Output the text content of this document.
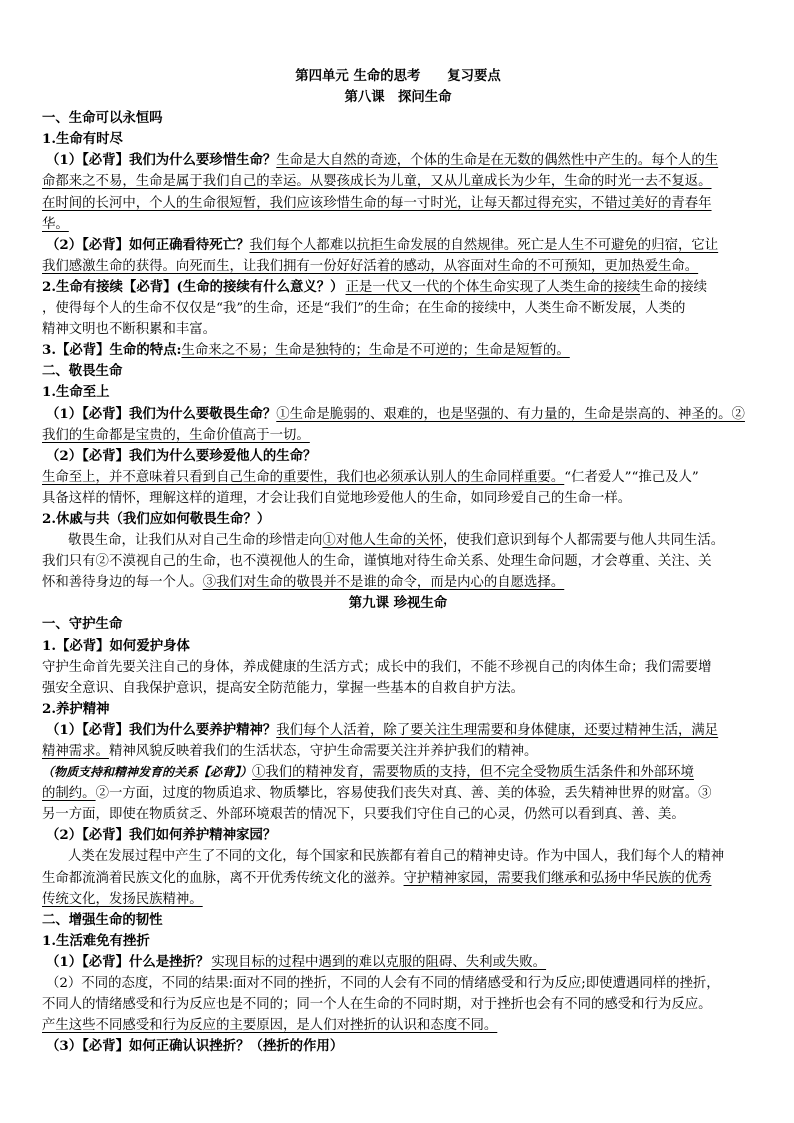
第四单元 生命的思考　　复习要点
第八课　探问生命
一、生命可以永恒吗
1.生命有时尽
（1）【必背】我们为什么要珍惜生命？生命是大自然的奇迹，个体的生命是在无数的偶然性中产生的。每个人的生
命都来之不易，生命是属于我们自己的幸运。从婴孩成长为儿童，又从儿童成长为少年，生命的时光一去不复返。
在时间的长河中，个人的生命很短暂，我们应该珍惜生命的每一寸时光，让每天都过得充实，不错过美好的青春年
华。
（2）【必背】如何正确看待死亡？我们每个人都难以抗拒生命发展的自然规律。死亡是人生不可避免的归宿，它让
我们感激生命的获得。向死而生，让我们拥有一份好好活着的感动，从容面对生命的不可预知，更加热爱生命。
2.生命有接续【必背】(生命的接续有什么意义？） 正是一代又一代的个体生命实现了人类生命的接续生命的接续
，使得每个人的生命不仅仅是“我”的生命，还是“我们”的生命；在生命的接续中，人类生命不断发展，人类的
精神文明也不断积累和丰富。
3.【必背】生命的特点:生命来之不易；生命是独特的；生命是不可逆的；生命是短暂的。
二、敬畏生命
1.生命至上
（1）【必背】我们为什么要敬畏生命？①生命是脆弱的、艰难的，也是坚强的、有力量的，生命是崇高的、神圣的。②
我们的生命都是宝贵的，生命价值高于一切。
（2）【必背】我们为什么要珍爱他人的生命？
生命至上，并不意味着只看到自己生命的重要性，我们也必须承认别人的生命同样重要。“仁者爱人”“推己及人”
具备这样的情怀，理解这样的道理，才会让我们自觉地珍爱他人的生命，如同珍爱自己的生命一样。
2.休戚与共（我们应如何敬畏生命？）
敬畏生命，让我们从对自己生命的珍惜走向①对他人生命的关怀，使我们意识到每个人都需要与他人共同生活。
我们只有②不漠视自己的生命，也不漠视他人的生命，谨慎地对待生命关系、处理生命问题，才会尊重、关注、关
怀和善待身边的每一个人。③我们对生命的敬畏并不是谁的命令，而是内心的自愿选择。
第九课 珍视生命
一、守护生命
1.【必背】如何爱护身体
守护生命首先要关注自己的身体，养成健康的生活方式；成长中的我们，不能不珍视自己的肉体生命；我们需要增
强安全意识、自我保护意识，提高安全防范能力，掌握一些基本的自救自护方法。
2.养护精神
（1）【必背】我们为什么要养护精神？我们每个人活着，除了要关注生理需要和身体健康，还要过精神生活，满足
精神需求。精神风貌反映着我们的生活状态，守护生命需要关注并养护我们的精神。
（物质支持和精神发育的关系【必背】）①我们的精神发育，需要物质的支持，但不完全受物质生活条件和外部环境
的制约。②一方面，过度的物质追求、物质攀比，容易使我们丧失对真、善、美的体验，丢失精神世界的财富。③
另一方面，即使在物质贫乏、外部环境艰苦的情况下，只要我们守住自己的心灵，仍然可以看到真、善、美。
（2）【必背】我们如何养护精神家园？
人类在发展过程中产生了不同的文化，每个国家和民族都有着自己的精神史诗。作为中国人，我们每个人的精神
生命都流淌着民族文化的血脉，离不开优秀传统文化的滋养。守护精神家园，需要我们继承和弘扬中华民族的优秀
传统文化，发扬民族精神。
二、增强生命的韧性
1.生活难免有挫折
（1）【必背】什么是挫折？ 实现目标的过程中遇到的难以克服的阻碍、失利或失败。
（2）不同的态度，不同的结果:面对不同的挫折，不同的人会有不同的情绪感受和行为反应;即使遭遇同样的挫折，
不同人的情绪感受和行为反应也是不同的；同一个人在生命的不同时期，对于挫折也会有不同的感受和行为反应。
产生这些不同感受和行为反应的主要原因，是人们对挫折的认识和态度不同。
（3）【必背】如何正确认识挫折？（挫折的作用）
